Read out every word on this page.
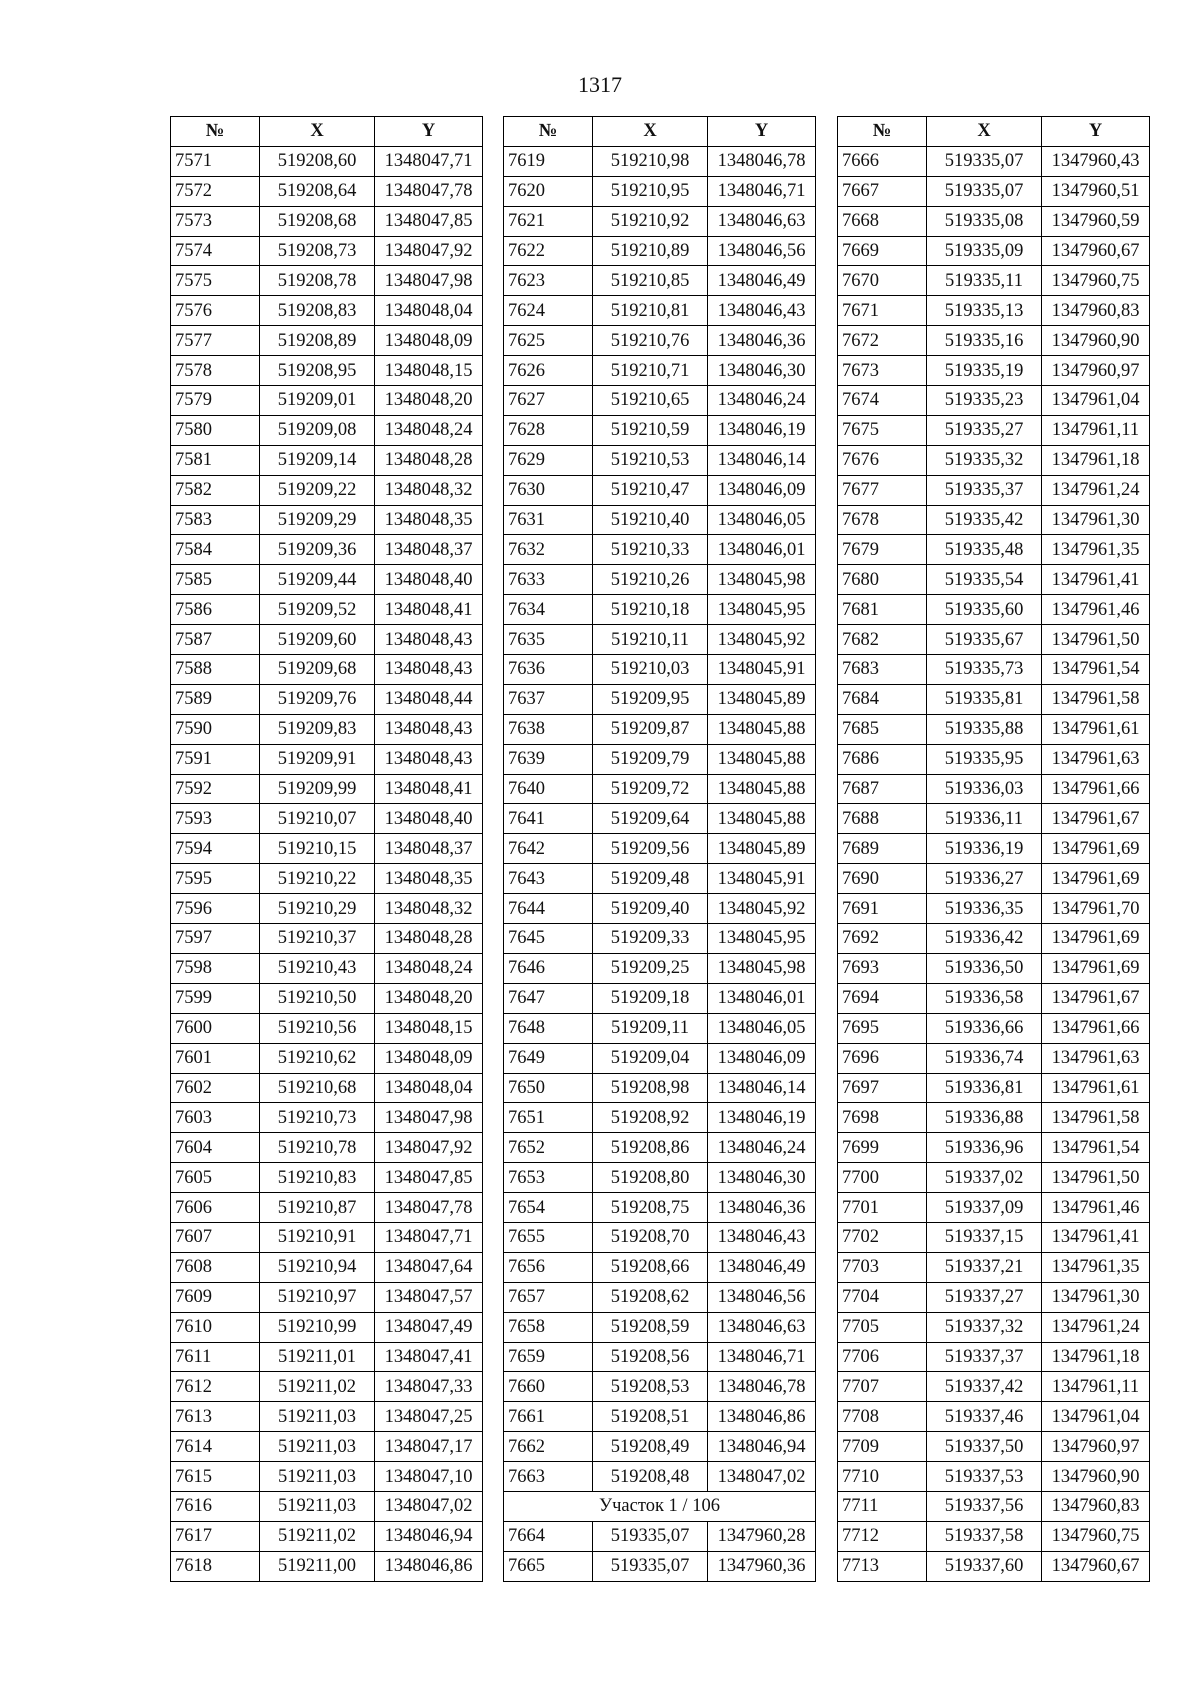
1317
№	X	Y
7571	519208,60	1348047,71
7572	519208,64	1348047,78
7573	519208,68	1348047,85
7574	519208,73	1348047,92
7575	519208,78	1348047,98
7576	519208,83	1348048,04
7577	519208,89	1348048,09
7578	519208,95	1348048,15
7579	519209,01	1348048,20
7580	519209,08	1348048,24
7581	519209,14	1348048,28
7582	519209,22	1348048,32
7583	519209,29	1348048,35
7584	519209,36	1348048,37
7585	519209,44	1348048,40
7586	519209,52	1348048,41
7587	519209,60	1348048,43
7588	519209,68	1348048,43
7589	519209,76	1348048,44
7590	519209,83	1348048,43
7591	519209,91	1348048,43
7592	519209,99	1348048,41
7593	519210,07	1348048,40
7594	519210,15	1348048,37
7595	519210,22	1348048,35
7596	519210,29	1348048,32
7597	519210,37	1348048,28
7598	519210,43	1348048,24
7599	519210,50	1348048,20
7600	519210,56	1348048,15
7601	519210,62	1348048,09
7602	519210,68	1348048,04
7603	519210,73	1348047,98
7604	519210,78	1348047,92
7605	519210,83	1348047,85
7606	519210,87	1348047,78
7607	519210,91	1348047,71
7608	519210,94	1348047,64
7609	519210,97	1348047,57
7610	519210,99	1348047,49
7611	519211,01	1348047,41
7612	519211,02	1348047,33
7613	519211,03	1348047,25
7614	519211,03	1348047,17
7615	519211,03	1348047,10
7616	519211,03	1348047,02
7617	519211,02	1348046,94
7618	519211,00	1348046,86
№	X	Y
7619	519210,98	1348046,78
7620	519210,95	1348046,71
7621	519210,92	1348046,63
7622	519210,89	1348046,56
7623	519210,85	1348046,49
7624	519210,81	1348046,43
7625	519210,76	1348046,36
7626	519210,71	1348046,30
7627	519210,65	1348046,24
7628	519210,59	1348046,19
7629	519210,53	1348046,14
7630	519210,47	1348046,09
7631	519210,40	1348046,05
7632	519210,33	1348046,01
7633	519210,26	1348045,98
7634	519210,18	1348045,95
7635	519210,11	1348045,92
7636	519210,03	1348045,91
7637	519209,95	1348045,89
7638	519209,87	1348045,88
7639	519209,79	1348045,88
7640	519209,72	1348045,88
7641	519209,64	1348045,88
7642	519209,56	1348045,89
7643	519209,48	1348045,91
7644	519209,40	1348045,92
7645	519209,33	1348045,95
7646	519209,25	1348045,98
7647	519209,18	1348046,01
7648	519209,11	1348046,05
7649	519209,04	1348046,09
7650	519208,98	1348046,14
7651	519208,92	1348046,19
7652	519208,86	1348046,24
7653	519208,80	1348046,30
7654	519208,75	1348046,36
7655	519208,70	1348046,43
7656	519208,66	1348046,49
7657	519208,62	1348046,56
7658	519208,59	1348046,63
7659	519208,56	1348046,71
7660	519208,53	1348046,78
7661	519208,51	1348046,86
7662	519208,49	1348046,94
7663	519208,48	1348047,02
Участок 1 / 106		
7664	519335,07	1347960,28
7665	519335,07	1347960,36
№	X	Y
7666	519335,07	1347960,43
7667	519335,07	1347960,51
7668	519335,08	1347960,59
7669	519335,09	1347960,67
7670	519335,11	1347960,75
7671	519335,13	1347960,83
7672	519335,16	1347960,90
7673	519335,19	1347960,97
7674	519335,23	1347961,04
7675	519335,27	1347961,11
7676	519335,32	1347961,18
7677	519335,37	1347961,24
7678	519335,42	1347961,30
7679	519335,48	1347961,35
7680	519335,54	1347961,41
7681	519335,60	1347961,46
7682	519335,67	1347961,50
7683	519335,73	1347961,54
7684	519335,81	1347961,58
7685	519335,88	1347961,61
7686	519335,95	1347961,63
7687	519336,03	1347961,66
7688	519336,11	1347961,67
7689	519336,19	1347961,69
7690	519336,27	1347961,69
7691	519336,35	1347961,70
7692	519336,42	1347961,69
7693	519336,50	1347961,69
7694	519336,58	1347961,67
7695	519336,66	1347961,66
7696	519336,74	1347961,63
7697	519336,81	1347961,61
7698	519336,88	1347961,58
7699	519336,96	1347961,54
7700	519337,02	1347961,50
7701	519337,09	1347961,46
7702	519337,15	1347961,41
7703	519337,21	1347961,35
7704	519337,27	1347961,30
7705	519337,32	1347961,24
7706	519337,37	1347961,18
7707	519337,42	1347961,11
7708	519337,46	1347961,04
7709	519337,50	1347960,97
7710	519337,53	1347960,90
7711	519337,56	1347960,83
7712	519337,58	1347960,75
7713	519337,60	1347960,67
